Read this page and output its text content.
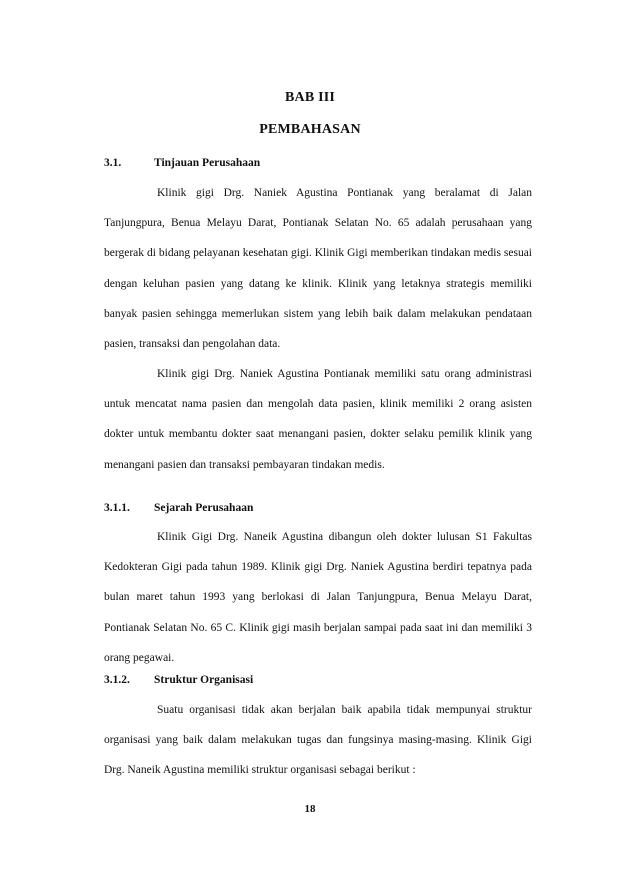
BAB III
PEMBAHASAN
3.1.	Tinjauan Perusahaan

Klinik gigi Drg. Naniek Agustina Pontianak yang beralamat di Jalan Tanjungpura, Benua Melayu Darat, Pontianak Selatan No. 65 adalah perusahaan yang bergerak di bidang pelayanan kesehatan gigi. Klinik Gigi memberikan tindakan medis sesuai dengan keluhan pasien yang datang ke klinik. Klinik yang letaknya strategis memiliki banyak pasien sehingga memerlukan sistem yang lebih baik dalam melakukan pendataan pasien, transaksi dan pengolahan data.

Klinik gigi Drg. Naniek Agustina Pontianak memiliki satu orang administrasi untuk mencatat nama pasien dan mengolah data pasien, klinik memiliki 2 orang asisten dokter untuk membantu dokter saat menangani pasien, dokter selaku pemilik klinik yang menangani pasien dan transaksi pembayaran tindakan medis.

3.1.1. Sejarah Perusahaan

Klinik Gigi Drg. Naneik Agustina dibangun oleh dokter lulusan S1 Fakultas Kedokteran Gigi pada tahun 1989. Klinik gigi Drg. Naniek Agustina berdiri tepatnya pada bulan maret tahun 1993 yang berlokasi di Jalan Tanjungpura, Benua Melayu Darat, Pontianak Selatan No. 65 C. Klinik gigi masih berjalan sampai pada saat ini dan memiliki 3 orang pegawai.

3.1.2. Struktur Organisasi

Suatu organisasi tidak akan berjalan baik apabila tidak mempunyai struktur organisasi yang baik dalam melakukan tugas dan fungsinya masing-masing. Klinik Gigi Drg. Naneik Agustina memiliki struktur organisasi sebagai berikut :

18
